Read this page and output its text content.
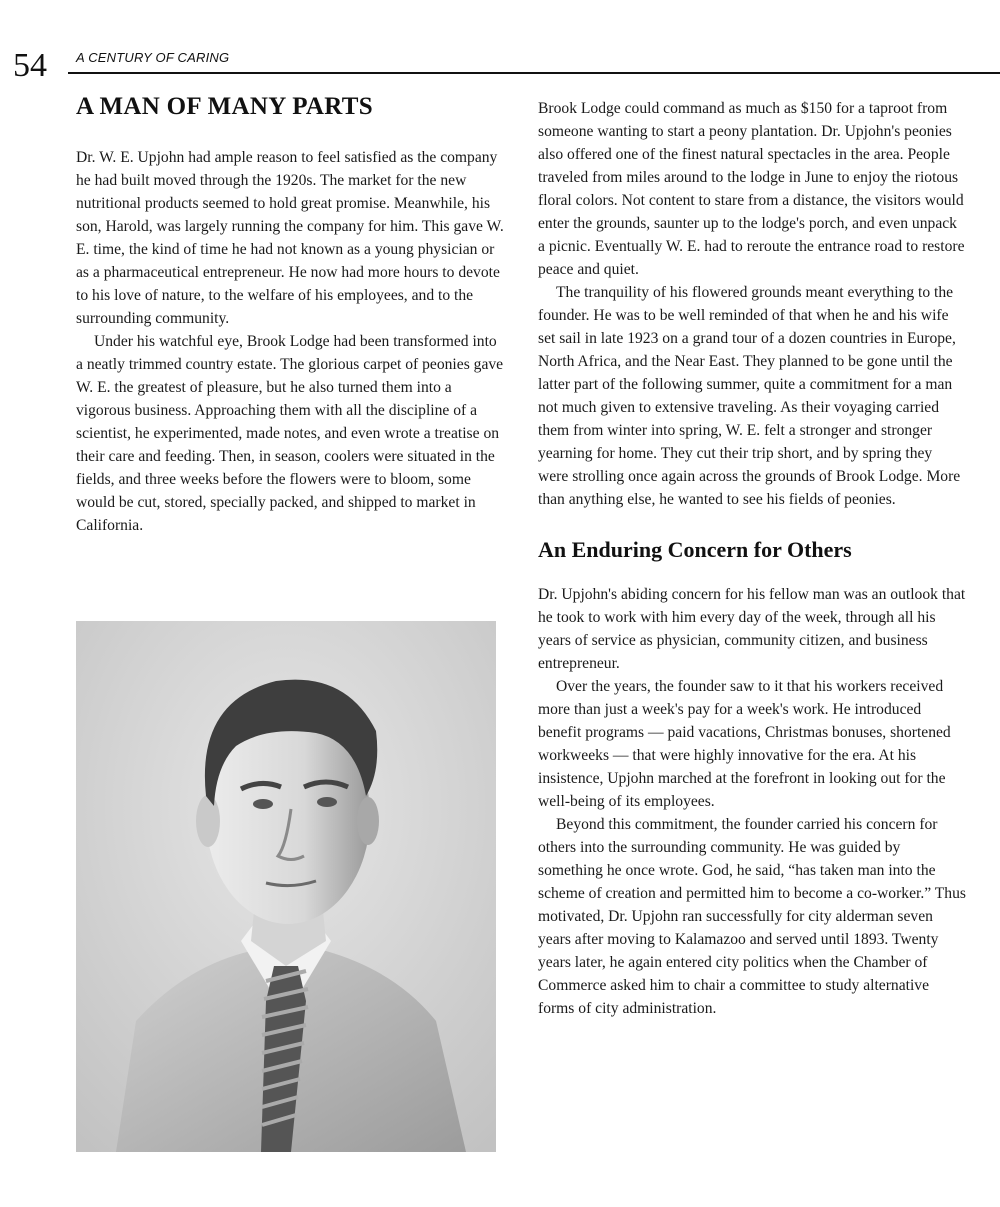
54 A CENTURY OF CARING
A MAN OF MANY PARTS

Dr. W. E. Upjohn had ample reason to feel satisfied as the company he had built moved through the 1920s. The market for the new nutritional products seemed to hold great promise. Meanwhile, his son, Harold, was largely running the company for him. This gave W. E. time, the kind of time he had not known as a young physician or as a pharmaceutical entrepreneur. He now had more hours to devote to his love of nature, to the welfare of his employees, and to the surrounding community.

Under his watchful eye, Brook Lodge had been transformed into a neatly trimmed country estate. The glorious carpet of peonies gave W. E. the greatest of pleasure, but he also turned them into a vigorous business. Approaching them with all the discipline of a scientist, he experimented, made notes, and even wrote a treatise on their care and feeding. Then, in season, coolers were situated in the fields, and three weeks before the flowers were to bloom, some would be cut, stored, specially packed, and shipped to market in California.

Brook Lodge could command as much as $150 for a taproot from someone wanting to start a peony plantation. Dr. Upjohn's peonies also offered one of the finest natural spectacles in the area. People traveled from miles around to the lodge in June to enjoy the riotous floral colors. Not content to stare from a distance, the visitors would enter the grounds, saunter up to the lodge's porch, and even unpack a picnic. Eventually W. E. had to reroute the entrance road to restore peace and quiet.

The tranquility of his flowered grounds meant everything to the founder. He was to be well reminded of that when he and his wife set sail in late 1923 on a grand tour of a dozen countries in Europe, North Africa, and the Near East. They planned to be gone until the latter part of the following summer, quite a commitment for a man not much given to extensive traveling. As their voyaging carried them from winter into spring, W. E. felt a stronger and stronger yearning for home. They cut their trip short, and by spring they were strolling once again across the grounds of Brook Lodge. More than anything else, he wanted to see his fields of peonies.

An Enduring Concern for Others

Dr. Upjohn's abiding concern for his fellow man was an outlook that he took to work with him every day of the week, through all his years of service as physician, community citizen, and business entrepreneur.

Over the years, the founder saw to it that his workers received more than just a week's pay for a week's work. He introduced benefit programs — paid vacations, Christmas bonuses, shortened workweeks — that were highly innovative for the era. At his insistence, Upjohn marched at the forefront in looking out for the well-being of its employees.

Beyond this commitment, the founder carried his concern for others into the surrounding community. He was guided by something he once wrote. God, he said, “has taken man into the scheme of creation and permitted him to become a co-worker.” Thus motivated, Dr. Upjohn ran successfully for city alderman seven years after moving to Kalamazoo and served until 1893. Twenty years later, he again entered city politics when the Chamber of Commerce asked him to chair a committee to study alternative forms of city administration.
